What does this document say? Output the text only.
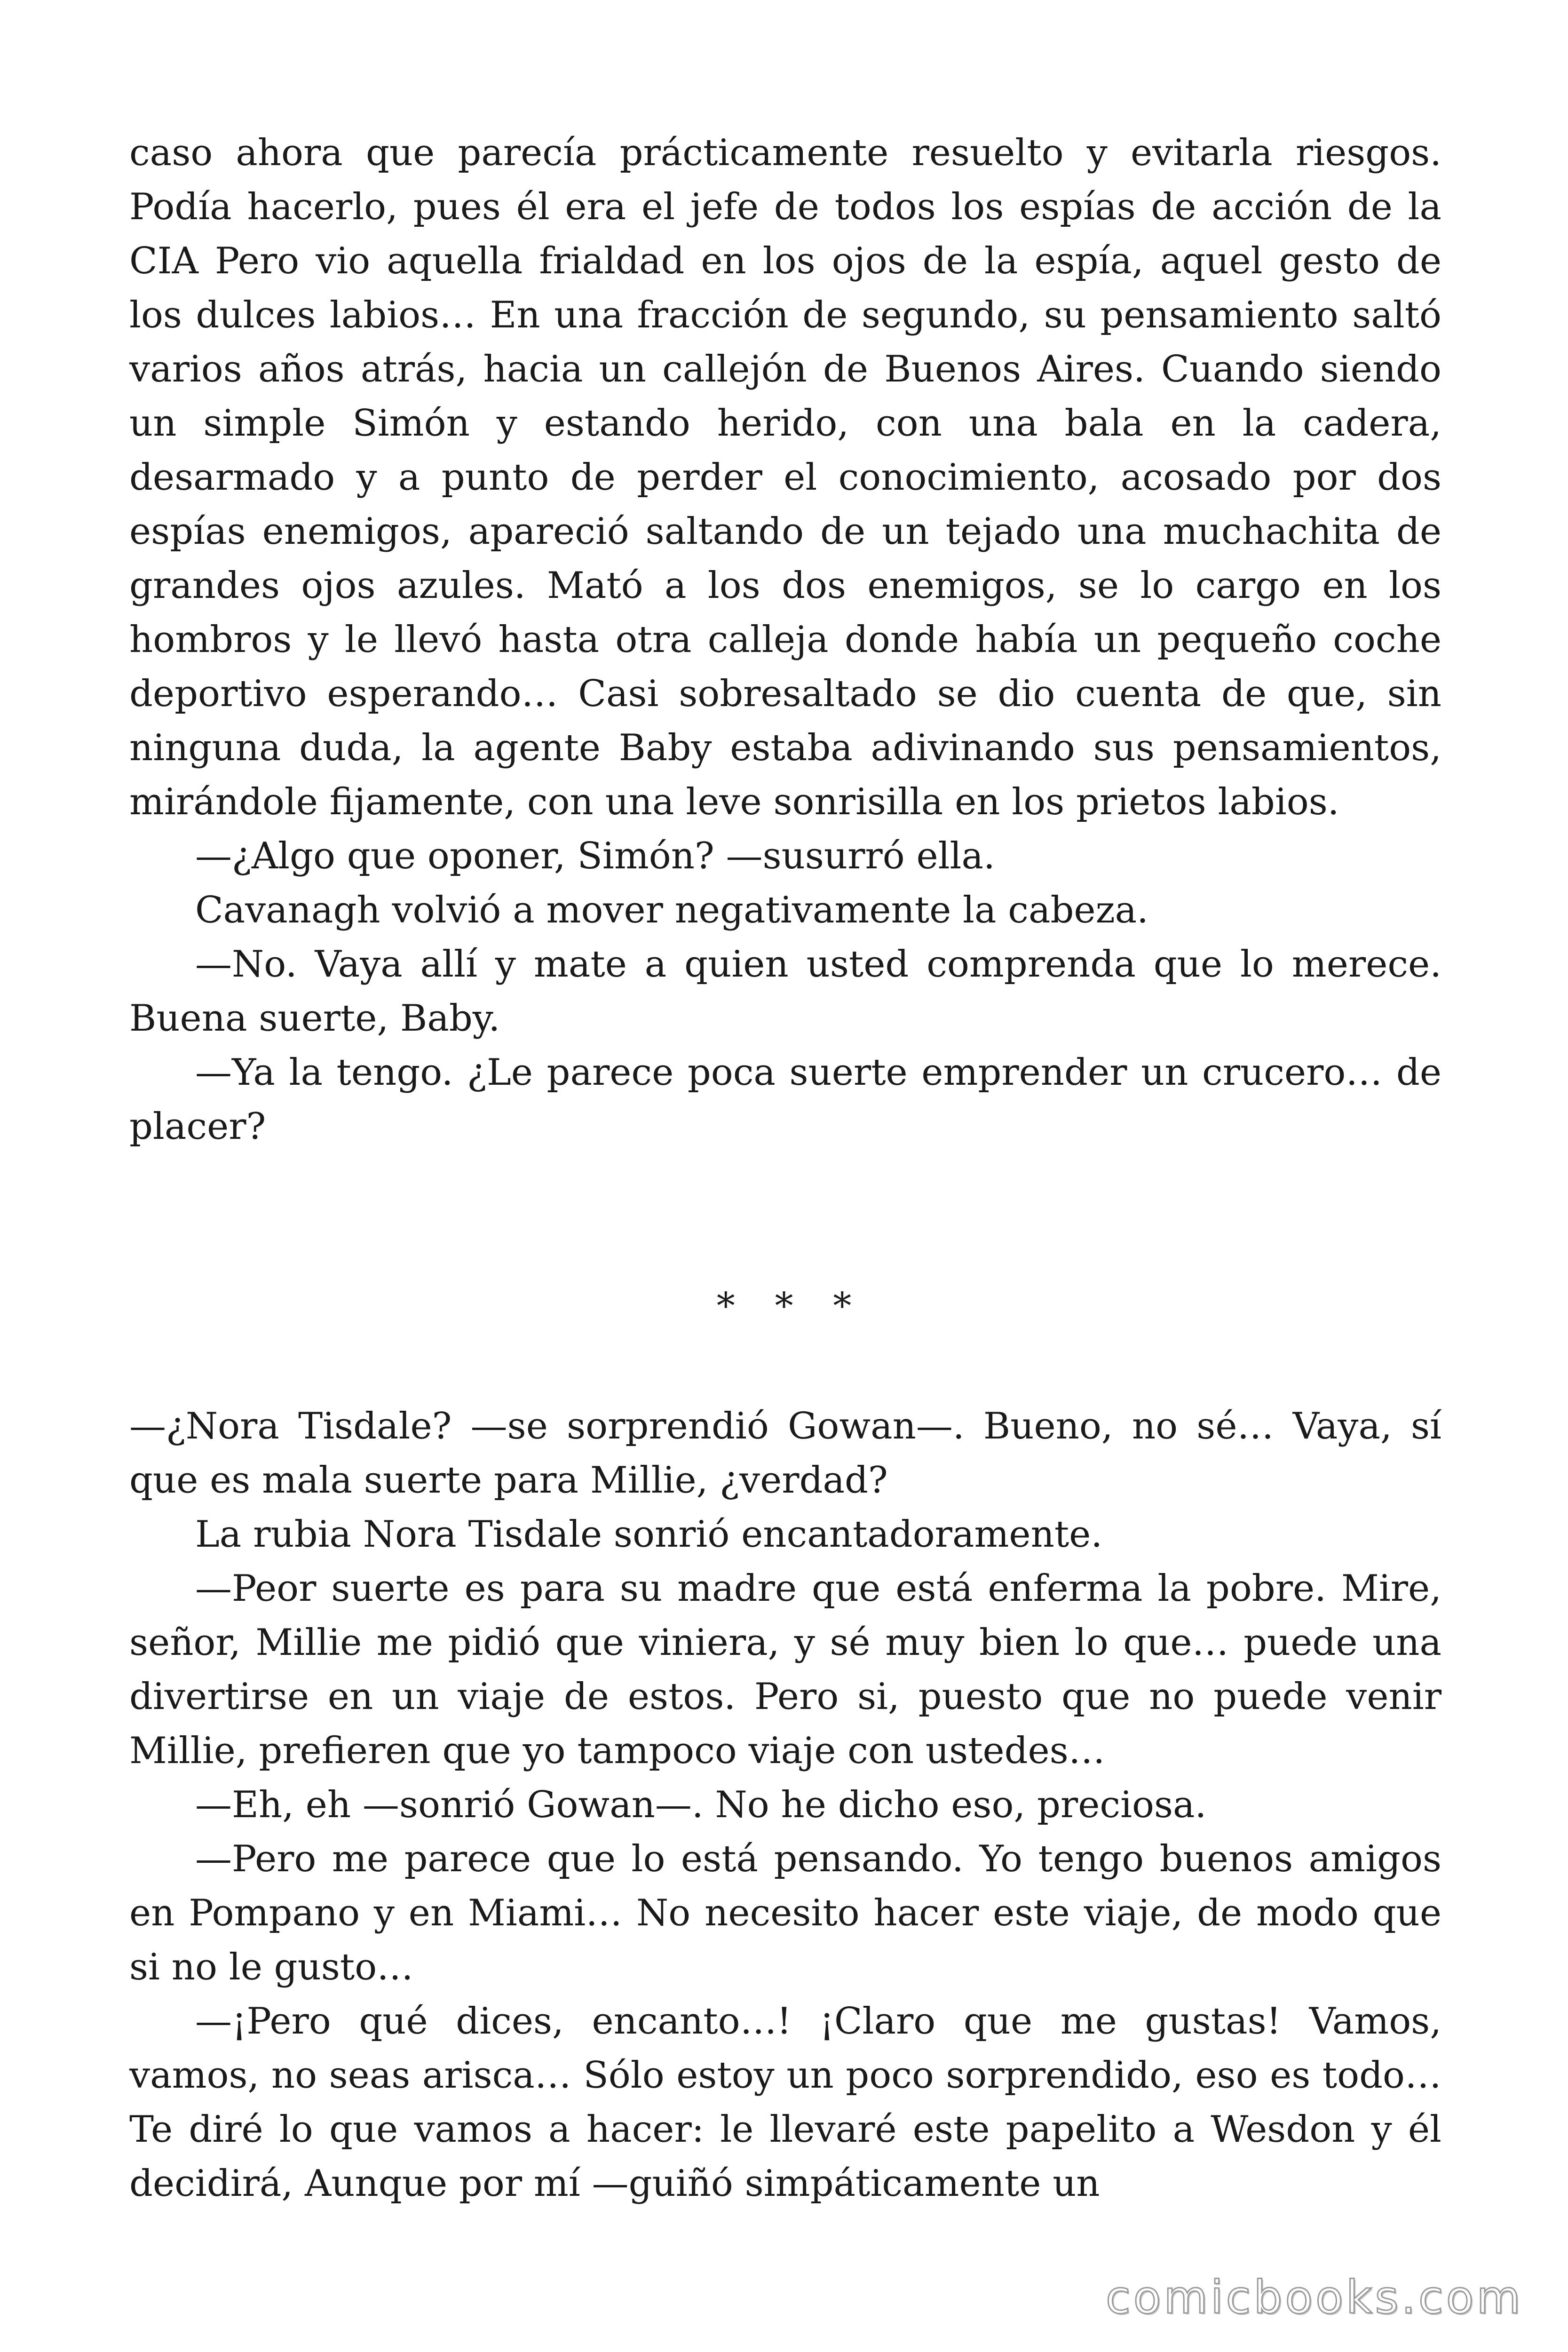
caso ahora que parecía prácticamente resuelto y evitarla riesgos. Podía hacerlo, pues él era el jefe de todos los espías de acción de la CIA Pero vio aquella frialdad en los ojos de la espía, aquel gesto de los dulces labios… En una fracción de segundo, su pensamiento saltó varios años atrás, hacia un callejón de Buenos Aires. Cuando siendo un simple Simón y estando herido, con una bala en la cadera, desarmado y a punto de perder el conocimiento, acosado por dos espías enemigos, apareció saltando de un tejado una muchachita de grandes ojos azules. Mató a los dos enemigos, se lo cargo en los hombros y le llevó hasta otra calleja donde había un pequeño coche deportivo esperando… Casi sobresaltado se dio cuenta de que, sin ninguna duda, la agente Baby estaba adivinando sus pensamientos, mirándole fijamente, con una leve sonrisilla en los prietos labios.

—¿Algo que oponer, Simón? —susurró ella.

Cavanagh volvió a mover negativamente la cabeza.

—No. Vaya allí y mate a quien usted comprenda que lo merece. Buena suerte, Baby.

—Ya la tengo. ¿Le parece poca suerte emprender un crucero… de placer?

* * *

—¿Nora Tisdale? —se sorprendió Gowan—. Bueno, no sé… Vaya, sí que es mala suerte para Millie, ¿verdad?

La rubia Nora Tisdale sonrió encantadoramente.

—Peor suerte es para su madre que está enferma la pobre. Mire, señor, Millie me pidió que viniera, y sé muy bien lo que… puede una divertirse en un viaje de estos. Pero si, puesto que no puede venir Millie, prefieren que yo tampoco viaje con ustedes…

—Eh, eh —sonrió Gowan—. No he dicho eso, preciosa.

—Pero me parece que lo está pensando. Yo tengo buenos amigos en Pompano y en Miami… No necesito hacer este viaje, de modo que si no le gusto…

—¡Pero qué dices, encanto…! ¡Claro que me gustas! Vamos, vamos, no seas arisca… Sólo estoy un poco sorprendido, eso es todo… Te diré lo que vamos a hacer: le llevaré este papelito a Wesdon y él decidirá, Aunque por mí —guiñó simpáticamente un

comicbooks.com
